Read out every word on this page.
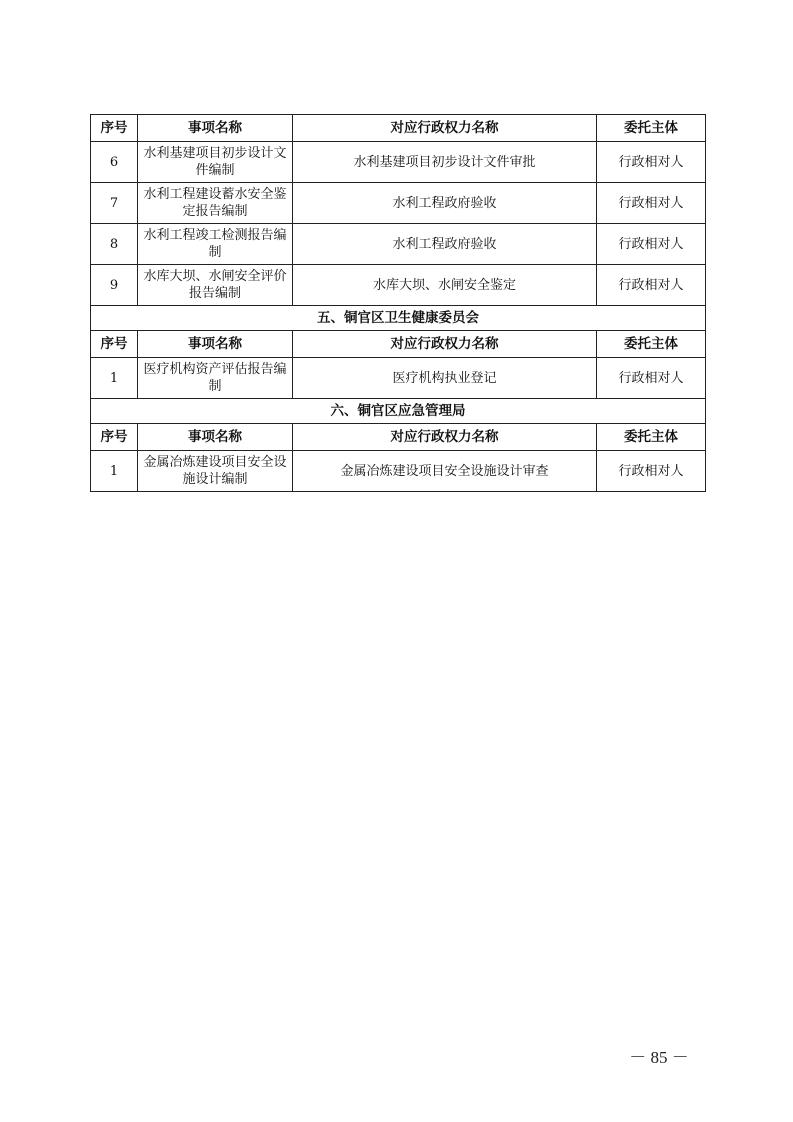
序号	事项名称	对应行政权力名称	委托主体
6	水利基建项目初步设计文件编制	水利基建项目初步设计文件审批	行政相对人
7	水利工程建设蓄水安全鉴定报告编制	水利工程政府验收	行政相对人
8	水利工程竣工检测报告编制	水利工程政府验收	行政相对人
9	水库大坝、水闸安全评价报告编制	水库大坝、水闸安全鉴定	行政相对人
五、铜官区卫生健康委员会			
序号	事项名称	对应行政权力名称	委托主体
1	医疗机构资产评估报告编制	医疗机构执业登记	行政相对人
六、铜官区应急管理局			
序号	事项名称	对应行政权力名称	委托主体
1	金属冶炼建设项目安全设施设计编制	金属冶炼建设项目安全设施设计审查	行政相对人
－ 85 －
